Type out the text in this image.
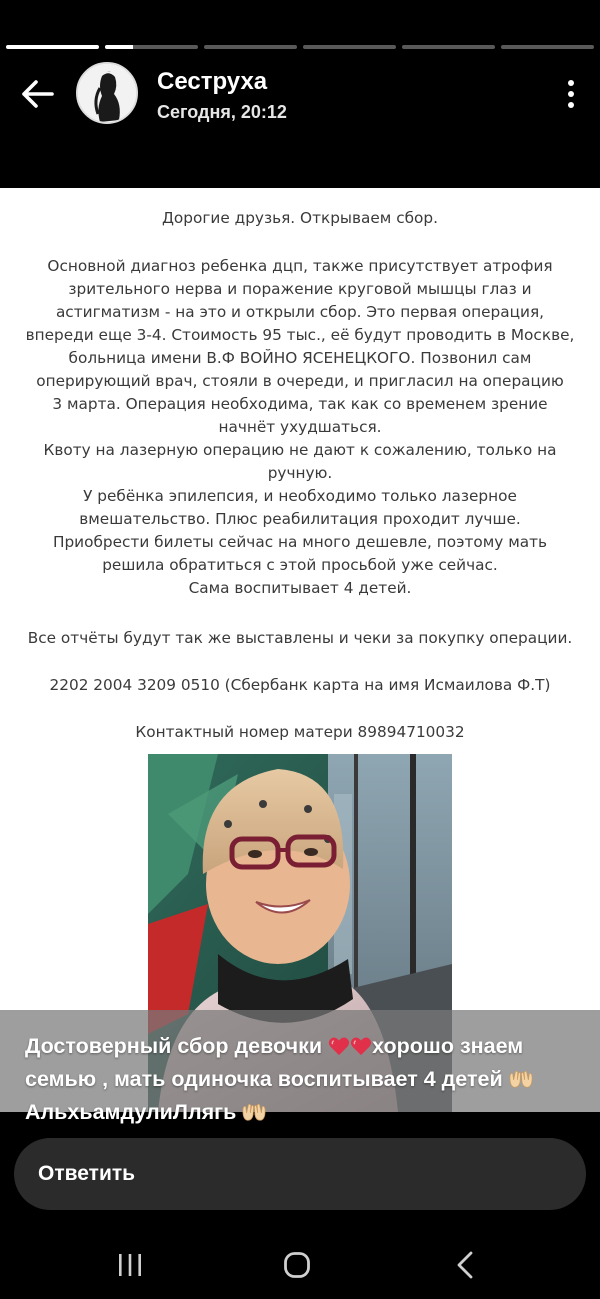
~ Сеструха
Сегодня, 20:12
Дорогие друзья. Открываем сбор.

Основной диагноз ребенка дцп, также присутствует атрофия
зрительного нерва и поражение круговой мышцы глаз и
астигматизм - на это и открыли сбор. Это первая операция,
впереди еще 3-4. Стоимость 95 тыс., её будут проводить в Москве,
больница имени В.Ф ВОЙНО ЯСЕНЕЦКОГО. Позвонил сам
оперирующий врач, стояли в очереди, и пригласил на операцию
3 марта. Операция необходима, так как со временем зрение
начнёт ухудшаться.
Квоту на лазерную операцию не дают к сожалению, только на
ручную.
У ребёнка эпилепсия, и необходимо только лазерное
вмешательство. Плюс реабилитация проходит лучше.
Приобрести билеты сейчас на много дешевле, поэтому мать
решила обратиться с этой просьбой уже сейчас.
Сама воспитывает 4 детей.

Все отчёты будут так же выставлены и чеки за покупку операции.
2202 2004 3209 0510 (Сбербанк карта на имя Исмаилова Ф.Т)
Контактный номер матери 89894710032
Достоверный сбор девочки хорошо знаем семью , мать одиночка воспитывает 4 детей АльхьамдулиЛлягь
Ответить
